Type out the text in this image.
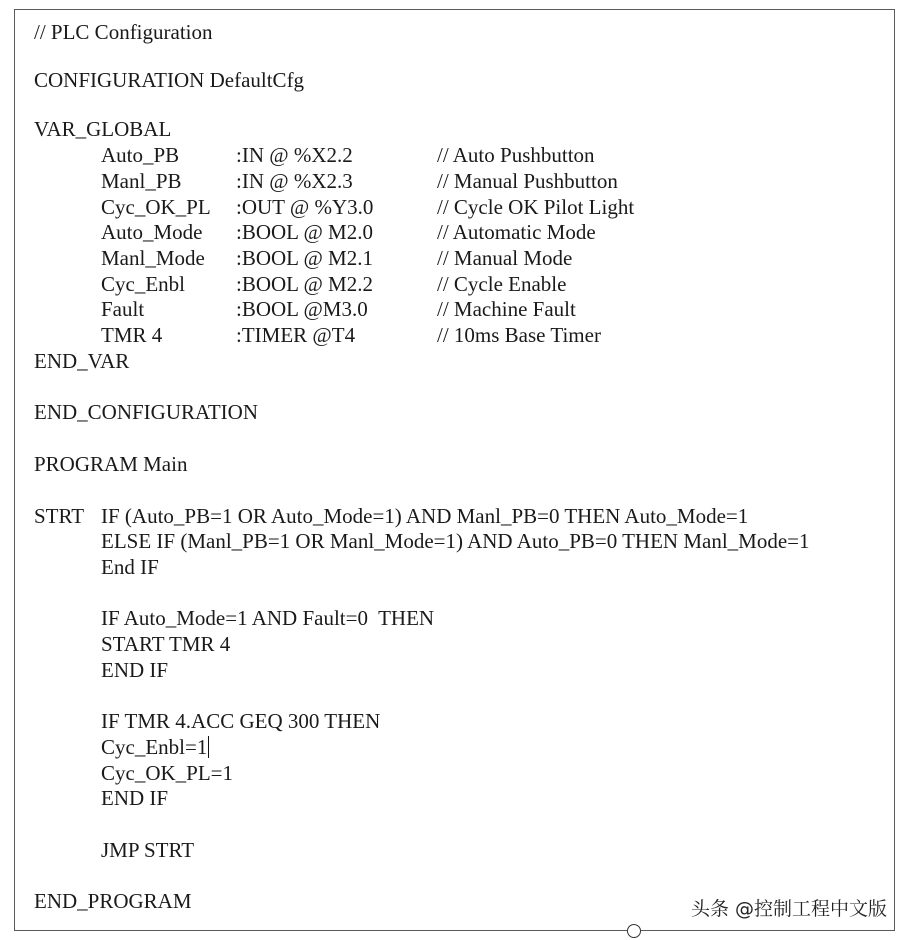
// PLC Configuration
CONFIGURATION DefaultCfg
VAR_GLOBAL
Auto_PB	:IN @ %X2.2	// Auto Pushbutton
Manl_PB	:IN @ %X2.3	// Manual Pushbutton
Cyc_OK_PL :OUT @ %Y3.0	// Cycle OK Pilot Light
Auto_Mode :BOOL @ M2.0	// Automatic Mode
Manl_Mode :BOOL @ M2.1	// Manual Mode
Cyc_Enbl :BOOL @ M2.2	// Cycle Enable
Fault	:BOOL @M3.0	// Machine Fault
TMR 4	:TIMER @T4	// 10ms Base Timer
END_VAR
END_CONFIGURATION
PROGRAM Main
STRT IF (Auto_PB=1 OR Auto_Mode=1) AND Manl_PB=0 THEN Auto_Mode=1
ELSE IF (Manl_PB=1 OR Manl_Mode=1) AND Auto_PB=0 THEN Manl_Mode=1
End IF
IF Auto_Mode=1 AND Fault=0  THEN
START TMR 4
END IF
IF TMR 4.ACC GEQ 300 THEN
Cyc_Enbl=1
Cyc_OK_PL=1
END IF
JMP STRT
END_PROGRAM	头条 @控制工程中文版
